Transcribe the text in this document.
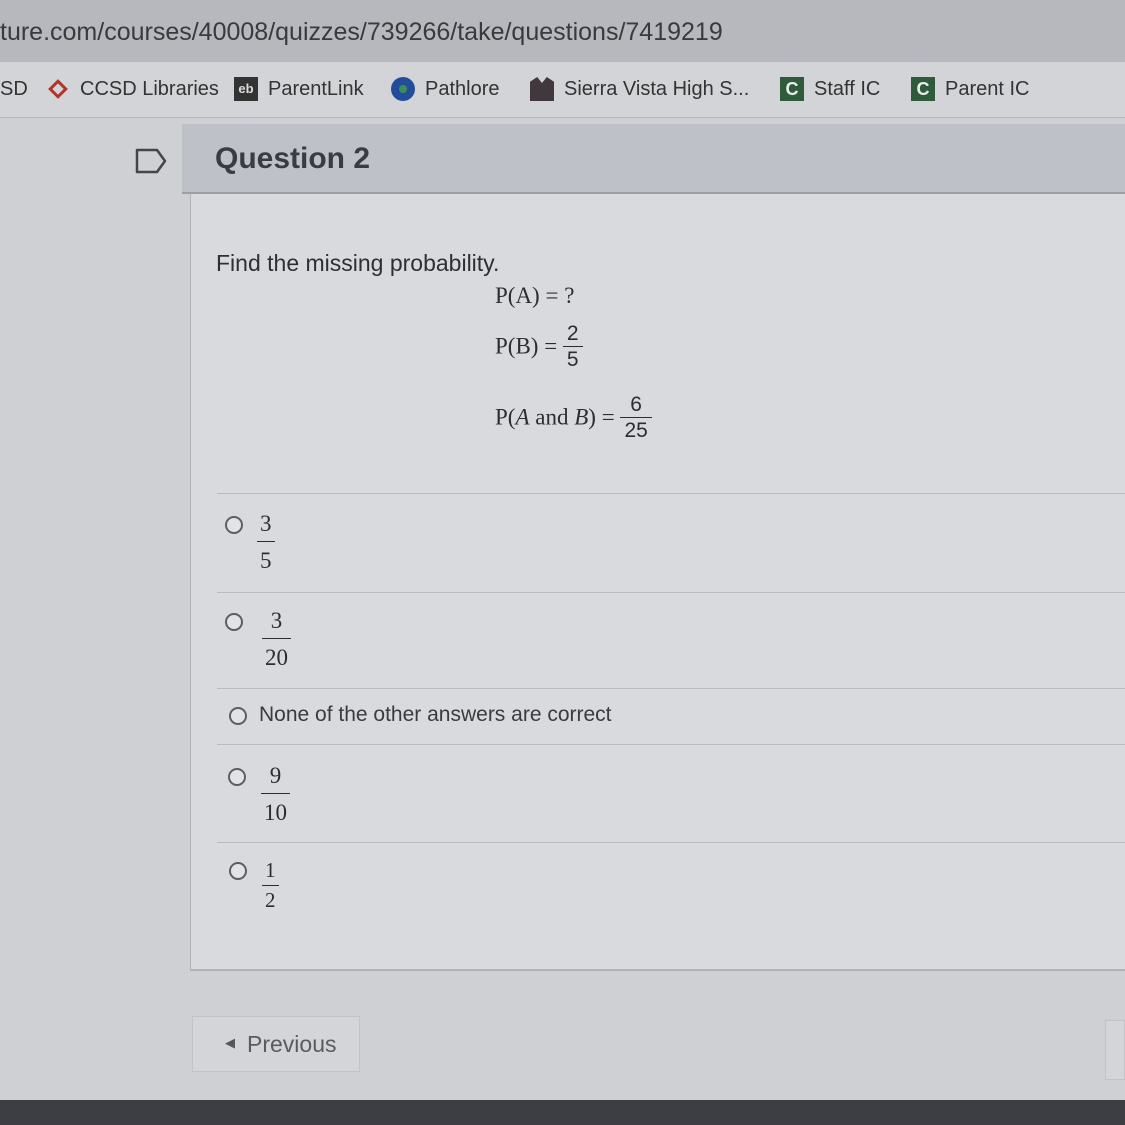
ture.com/courses/40008/quizzes/739266/take/questions/7419219
SD	CCSD Libraries	eb ParentLink	Pathlore	Sierra Vista High S...	C Staff IC	C Parent IC
Question 2
Find the missing probability.
P(A) = ?
$P(B) = \frac{2}{5}$
P(A and $B) = \frac{6}{25}$
$\frac{3}{5}$
$\frac{3}{20}$
None of the other answers are correct
$\frac{9}{10}$
$\frac{1}{2}$
◀ Previous
